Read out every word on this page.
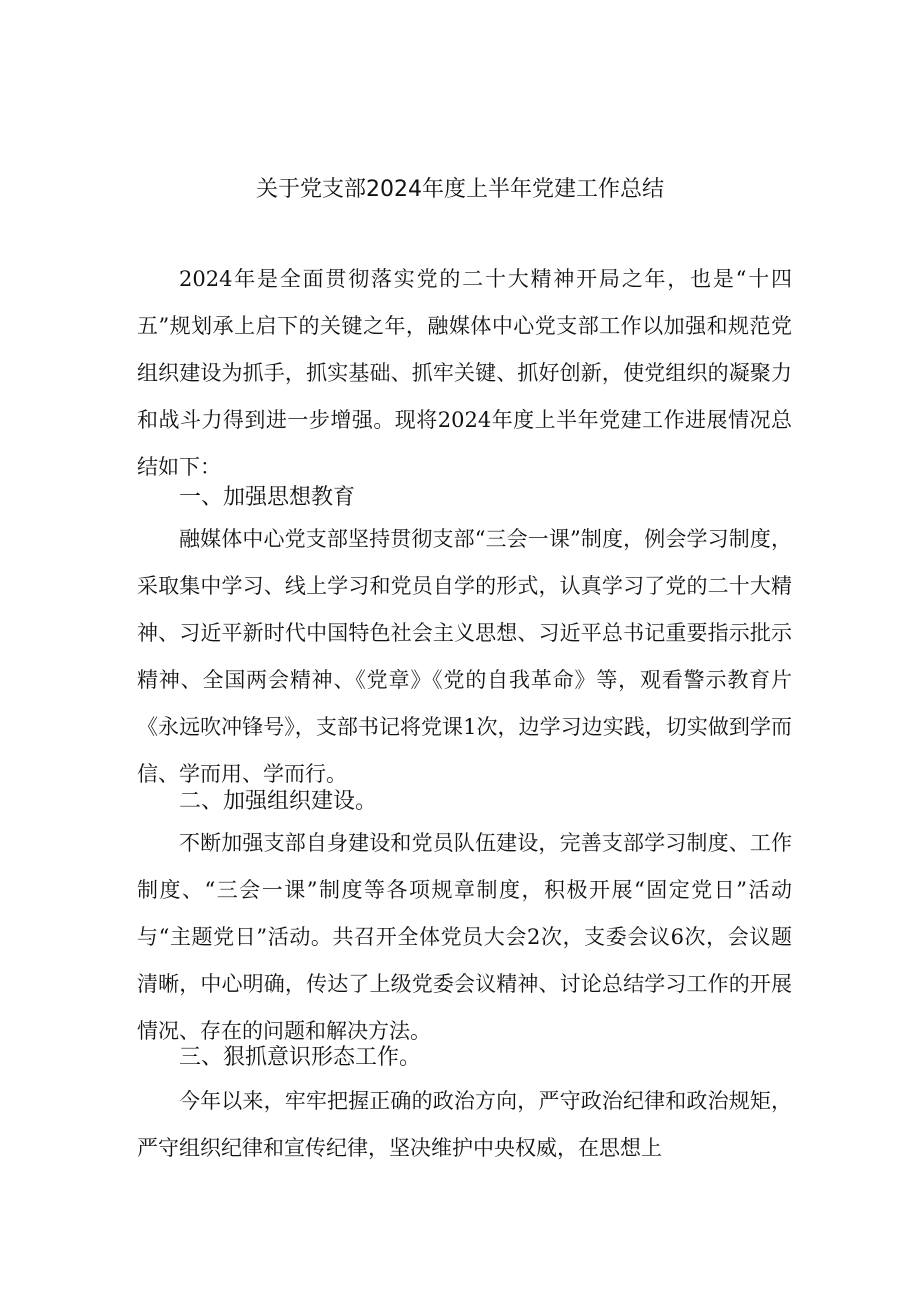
关于党支部2024年度上半年党建工作总结

2024年是全面贯彻落实党的二十大精神开局之年，也是“十四五”规划承上启下的关键之年，融媒体中心党支部工作以加强和规范党组织建设为抓手，抓实基础、抓牢关键、抓好创新，使党组织的凝聚力和战斗力得到进一步增强。现将2024年度上半年党建工作进展情况总结如下：

一、加强思想教育

融媒体中心党支部坚持贯彻支部“三会一课”制度，例会学习制度，采取集中学习、线上学习和党员自学的形式，认真学习了党的二十大精神、习近平新时代中国特色社会主义思想、习近平总书记重要指示批示精神、全国两会精神、《党章》《党的自我革命》等，观看警示教育片《永远吹冲锋号》，支部书记将党课1次，边学习边实践，切实做到学而信、学而用、学而行。

二、加强组织建设。

不断加强支部自身建设和党员队伍建设，完善支部学习制度、工作制度、“三会一课”制度等各项规章制度，积极开展“固定党日”活动与“主题党日”活动。共召开全体党员大会2次，支委会议6次，会议题清晰，中心明确，传达了上级党委会议精神、讨论总结学习工作的开展情况、存在的问题和解决方法。

三、狠抓意识形态工作。

今年以来，牢牢把握正确的政治方向，严守政治纪律和政治规矩，严守组织纪律和宣传纪律，坚决维护中央权威，在思想上
